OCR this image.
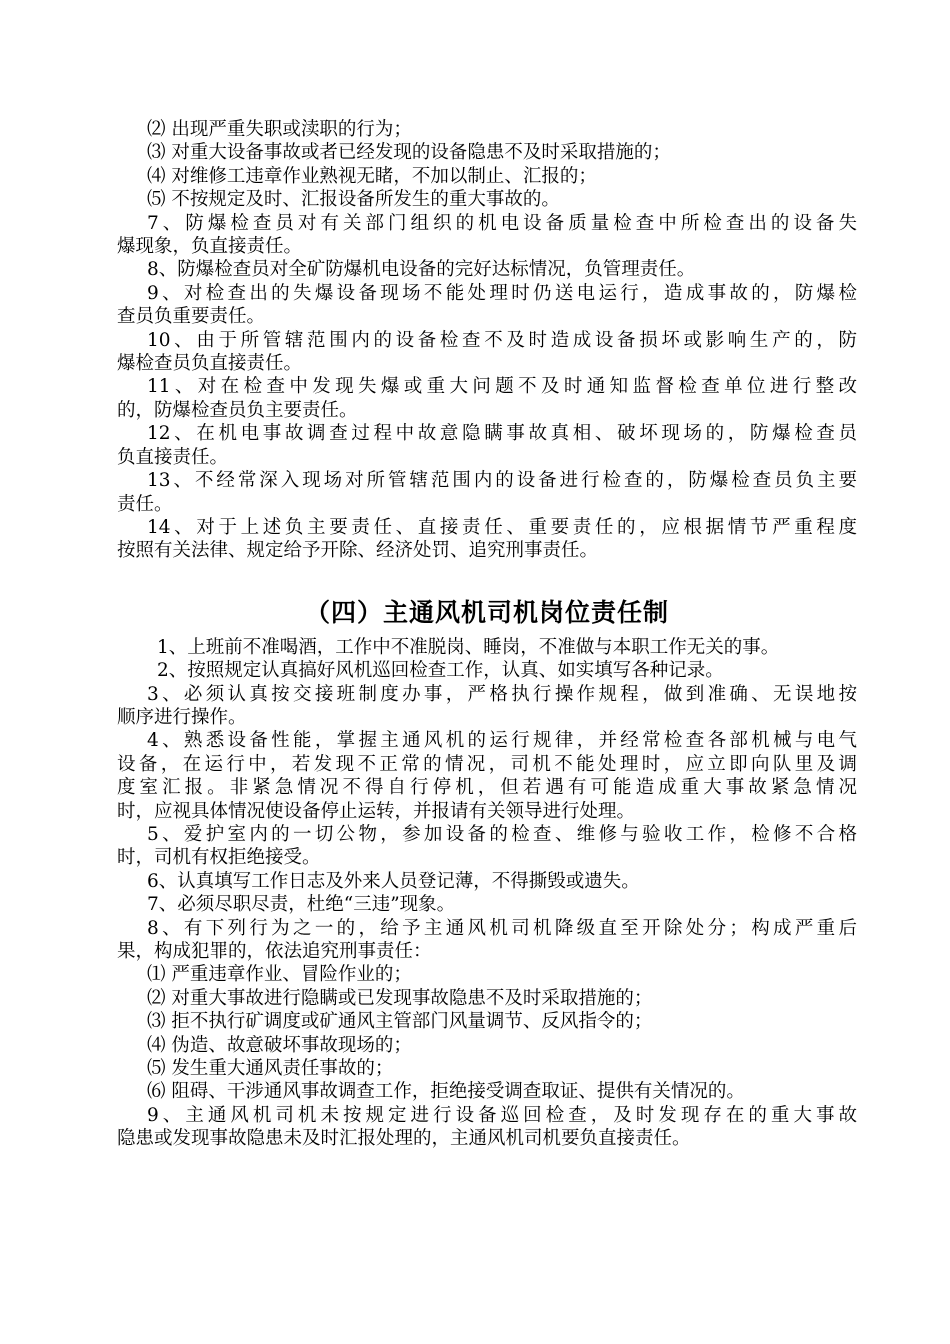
⑵ 出现严重失职或渎职的行为；
⑶ 对重大设备事故或者已经发现的设备隐患不及时采取措施的；
⑷ 对维修工违章作业熟视无睹，不加以制止、汇报的；
⑸ 不按规定及时、汇报设备所发生的重大事故的。
7、防爆检查员对有关部门组织的机电设备质量检查中所检查出的设备失
爆现象，负直接责任。
8、防爆检查员对全矿防爆机电设备的完好达标情况，负管理责任。
9、对检查出的失爆设备现场不能处理时仍送电运行，造成事故的，防爆检
查员负重要责任。
10、由于所管辖范围内的设备检查不及时造成设备损坏或影响生产的，防
爆检查员负直接责任。
11、对在检查中发现失爆或重大问题不及时通知监督检查单位进行整改
的，防爆检查员负主要责任。
12、在机电事故调查过程中故意隐瞒事故真相、破坏现场的，防爆检查员
负直接责任。
13、不经常深入现场对所管辖范围内的设备进行检查的，防爆检查员负主要
责任。
14、对于上述负主要责任、直接责任、重要责任的，应根据情节严重程度
按照有关法律、规定给予开除、经济处罚、追究刑事责任。
（四）主通风机司机岗位责任制
1、上班前不准喝酒，工作中不准脱岗、睡岗，不准做与本职工作无关的事。
2、按照规定认真搞好风机巡回检查工作，认真、如实填写各种记录。
3、必须认真按交接班制度办事，严格执行操作规程，做到准确、无误地按
顺序进行操作。
4、熟悉设备性能，掌握主通风机的运行规律，并经常检查各部机械与电气
设备，在运行中，若发现不正常的情况，司机不能处理时，应立即向队里及调
度室汇报。非紧急情况不得自行停机，但若遇有可能造成重大事故紧急情况
时，应视具体情况使设备停止运转，并报请有关领导进行处理。
5、爱护室内的一切公物，参加设备的检查、维修与验收工作，检修不合格
时，司机有权拒绝接受。
6、认真填写工作日志及外来人员登记薄，不得撕毁或遗失。
7、必须尽职尽责，杜绝“三违”现象。
8、有下列行为之一的，给予主通风机司机降级直至开除处分；构成严重后
果，构成犯罪的，依法追究刑事责任：
⑴ 严重违章作业、冒险作业的；
⑵ 对重大事故进行隐瞒或已发现事故隐患不及时采取措施的；
⑶ 拒不执行矿调度或矿通风主管部门风量调节、反风指令的；
⑷ 伪造、故意破坏事故现场的；
⑸ 发生重大通风责任事故的；
⑹ 阻碍、干涉通风事故调查工作，拒绝接受调查取证、提供有关情况的。
9、主通风机司机未按规定进行设备巡回检查，及时发现存在的重大事故
隐患或发现事故隐患未及时汇报处理的，主通风机司机要负直接责任。
